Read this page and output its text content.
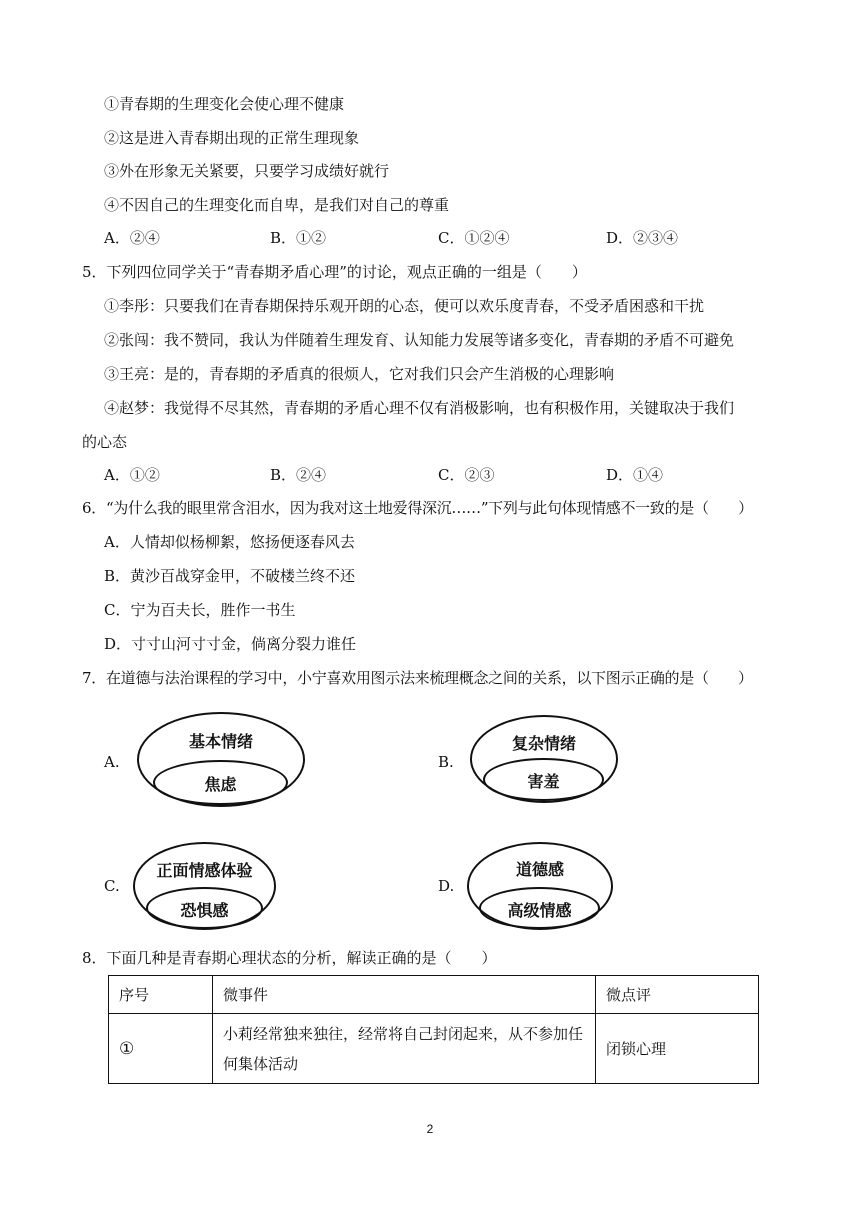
①青春期的生理变化会使心理不健康
②这是进入青春期出现的正常生理现象
③外在形象无关紧要，只要学习成绩好就行
④不因自己的生理变化而自卑，是我们对自己的尊重
A．②④	B．①②	C．①②④	D．②③④
5．下列四位同学关于“青春期矛盾心理”的讨论，观点正确的一组是（　　）
①李彤：只要我们在青春期保持乐观开朗的心态，便可以欢乐度青春，不受矛盾困惑和干扰
②张闯：我不赞同，我认为伴随着生理发育、认知能力发展等诸多变化，青春期的矛盾不可避免
③王亮：是的，青春期的矛盾真的很烦人，它对我们只会产生消极的心理影响
④赵梦：我觉得不尽其然，青春期的矛盾心理不仅有消极影响，也有积极作用，关键取决于我们
的心态
A．①②	B．②④	C．②③	D．①④
6．“为什么我的眼里常含泪水，因为我对这土地爱得深沉……”下列与此句体现情感不一致的是（　　）
A．人情却似杨柳絮，悠扬便逐春风去
B．黄沙百战穿金甲，不破楼兰终不还
C．宁为百夫长，胜作一书生
D．寸寸山河寸寸金，倘离分裂力谁任
7．在道德与法治课程的学习中，小宁喜欢用图示法来梳理概念之间的关系，以下图示正确的是（　　）
A.
基本情绪
焦虑
B.
复杂情绪
害羞
C.
正面情感体验
恐惧感
D.
道德感
高级情感
8．下面几种是青春期心理状态的分析，解读正确的是（　　）
序号	微事件	微点评
①	小莉经常独来独往，经常将自己封闭起来，从不参加任何集体活动	闭锁心理
2
